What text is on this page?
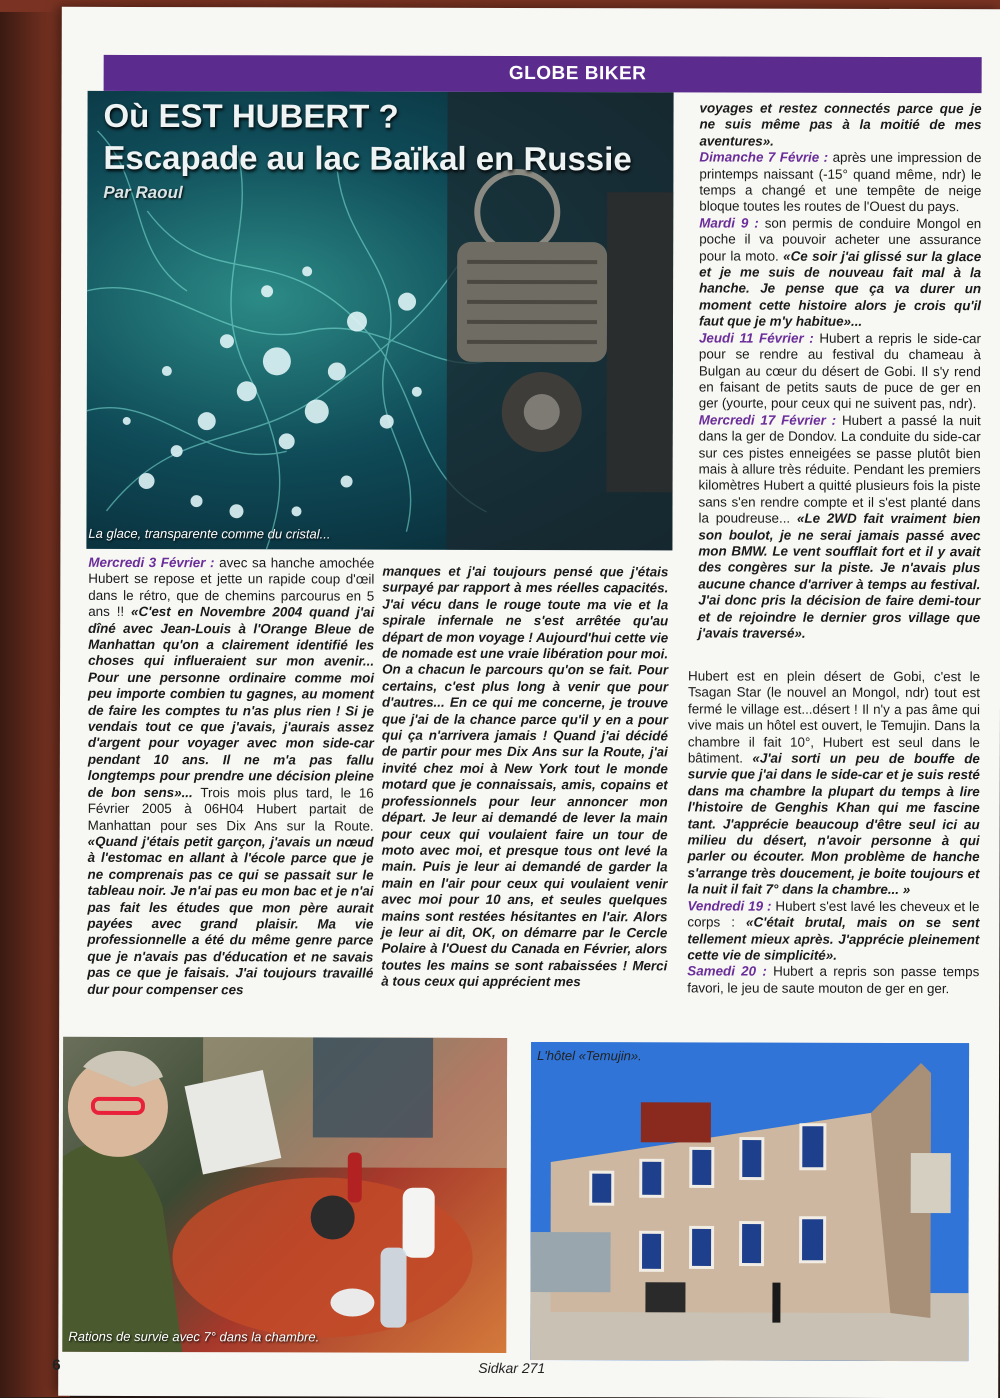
GLOBE BIKER
Où EST HUBERT ?
Escapade au lac Baïkal en Russie
Par Raoul
La glace, transparente comme du cristal...

Mercredi 3 Février : avec sa hanche amochée Hubert se repose et jette un rapide coup d'œil dans le rétro, que de chemins parcourus en 5 ans !! «C'est en Novembre 2004 quand j'ai dîné avec Jean-Louis à l'Orange Bleue de Manhattan qu'on a clairement identifié les choses qui influeraient sur mon avenir... Pour une personne ordinaire comme moi peu importe combien tu gagnes, au moment de faire les comptes tu n'as plus rien ! Si je vendais tout ce que j'avais, j'aurais assez d'argent pour voyager avec mon side-car pendant 10 ans. Il ne m'a pas fallu longtemps pour prendre une décision pleine de bon sens»... Trois mois plus tard, le 16 Février 2005 à 06H04 Hubert partait de Manhattan pour ses Dix Ans sur la Route. «Quand j'étais petit garçon, j'avais un nœud à l'estomac en allant à l'école parce que je ne comprenais pas ce qui se passait sur le tableau noir. Je n'ai pas eu mon bac et je n'ai pas fait les études que mon père aurait payées avec grand plaisir. Ma vie professionnelle a été du même genre parce que je n'avais pas d'éducation et ne savais pas ce que je faisais. J'ai toujours travaillé dur pour compenser ces

manques et j'ai toujours pensé que j'étais surpayé par rapport à mes réelles capacités. J'ai vécu dans le rouge toute ma vie et la spirale infernale ne s'est arrêtée qu'au départ de mon voyage ! Aujourd'hui cette vie de nomade est une vraie libération pour moi. On a chacun le parcours qu'on se fait. Pour certains, c'est plus long à venir que pour d'autres... En ce qui me concerne, je trouve que j'ai de la chance parce qu'il y en a pour qui ça n'arrivera jamais ! Quand j'ai décidé de partir pour mes Dix Ans sur la Route, j'ai invité chez moi à New York tout le monde motard que je connaissais, amis, copains et professionnels pour leur annoncer mon départ. Je leur ai demandé de lever la main pour ceux qui voulaient faire un tour de moto avec moi, et presque tous ont levé la main. Puis je leur ai demandé de garder la main en l'air pour ceux qui voulaient venir avec moi pour 10 ans, et seules quelques mains sont restées hésitantes en l'air. Alors je leur ai dit, OK, on démarre par le Cercle Polaire à l'Ouest du Canada en Février, alors toutes les mains se sont rabaissées ! Merci à tous ceux qui apprécient mes

voyages et restez connectés parce que je ne suis même pas à la moitié de mes aventures».

Dimanche 7 Févrie : après une impression de printemps naissant (-15° quand même, ndr) le temps a changé et une tempête de neige bloque toutes les routes de l'Ouest du pays.

Mardi 9 : son permis de conduire Mongol en poche il va pouvoir acheter une assurance pour la moto. «Ce soir j'ai glissé sur la glace et je me suis de nouveau fait mal à la hanche. Je pense que ça va durer un moment cette histoire alors je crois qu'il faut que je m'y habitue»...

Jeudi 11 Février : Hubert a repris le side-car pour se rendre au festival du chameau à Bulgan au cœur du désert de Gobi. Il s'y rend en faisant de petits sauts de puce de ger en ger (yourte, pour ceux qui ne suivent pas, ndr).

Mercredi 17 Février : Hubert a passé la nuit dans la ger de Dondov. La conduite du side-car sur ces pistes enneigées se passe plutôt bien mais à allure très réduite. Pendant les premiers kilomètres Hubert a quitté plusieurs fois la piste sans s'en rendre compte et il s'est planté dans la poudreuse... «Le 2WD fait vraiment bien son boulot, je ne serai jamais passé avec mon BMW. Le vent soufflait fort et il y avait des congères sur la piste. Je n'avais plus aucune chance d'arriver à temps au festival. J'ai donc pris la décision de faire demi-tour et de rejoindre le dernier gros village que j'avais traversé».

Hubert est en plein désert de Gobi, c'est le Tsagan Star (le nouvel an Mongol, ndr) tout est fermé le village est...désert ! Il n'y a pas âme qui vive mais un hôtel est ouvert, le Temujin. Dans la chambre il fait 10°, Hubert est seul dans le bâtiment. «J'ai sorti un peu de bouffe de survie que j'ai dans le side-car et je suis resté dans ma chambre la plupart du temps à lire l'histoire de Genghis Khan qui me fascine tant. J'apprécie beaucoup d'être seul ici au milieu du désert, n'avoir personne à qui parler ou écouter. Mon problème de hanche s'arrange très doucement, je boite toujours et la nuit il fait 7° dans la chambre... »

Vendredi 19 : Hubert s'est lavé les cheveux et le corps : «C'était brutal, mais on se sent tellement mieux après. J'apprécie pleinement cette vie de simplicité».

Samedi 20 : Hubert a repris son passe temps favori, le jeu de saute mouton de ger en ger.

Rations de survie avec 7° dans la chambre.
L'hôtel «Temujin».
6	Sidkar 271
